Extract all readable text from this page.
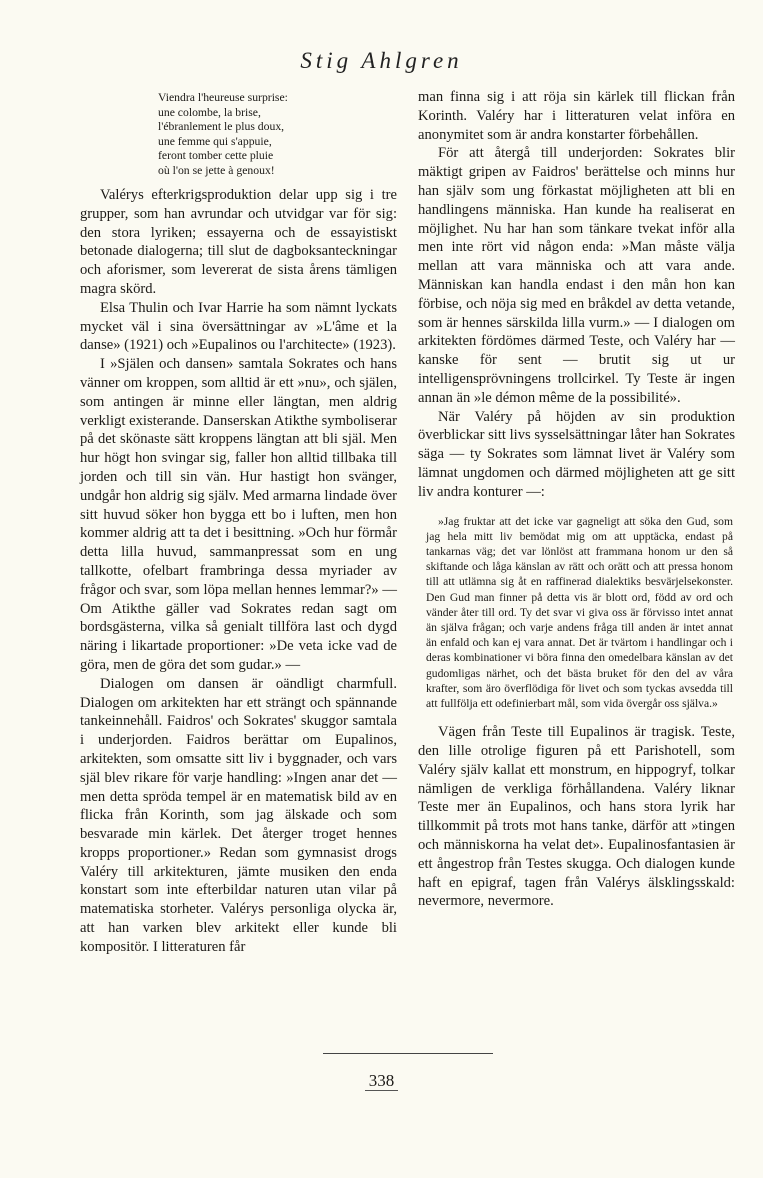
Stig Ahlgren
Viendra l'heureuse surprise:
une colombe, la brise,
l'ébranlement le plus doux,
une femme qui s'appuie,
feront tomber cette pluie
où l'on se jette à genoux!

Valérys efterkrigsproduktion delar upp sig i tre grupper, som han avrundar och utvidgar var för sig: den stora lyriken; essayerna och de essayistiskt betonade dialogerna; till slut de dagboksanteckningar och aforismer, som levererat de sista årens tämligen magra skörd.

Elsa Thulin och Ivar Harrie ha som nämnt lyckats mycket väl i sina översättningar av »L'âme et la danse» (1921) och »Eupalinos ou l'architecte» (1923).

I »Själen och dansen» samtala Sokrates och hans vänner om kroppen, som alltid är ett »nu», och själen, som antingen är minne eller längtan, men aldrig verkligt existerande. Danserskan Atikthe symboliserar på det skönaste sätt kroppens längtan att bli själ. Men hur högt hon svingar sig, faller hon alltid tillbaka till jorden och till sin vän. Hur hastigt hon svänger, undgår hon aldrig sig själv. Med armarna lindade över sitt huvud söker hon bygga ett bo i luften, men hon kommer aldrig att ta det i besittning. »Och hur förmår detta lilla huvud, sammanpressat som en ung tallkotte, ofelbart frambringa dessa myriader av frågor och svar, som löpa mellan hennes lemmar?» — Om Atikthe gäller vad Sokrates redan sagt om bordsgästerna, vilka så genialt tillföra last och dygd näring i likartade proportioner: »De veta icke vad de göra, men de göra det som gudar.» —

Dialogen om dansen är oändligt charmfull. Dialogen om arkitekten har ett strängt och spännande tankeinnehåll. Faidros' och Sokrates' skuggor samtala i underjorden. Faidros berättar om Eupalinos, arkitekten, som omsatte sitt liv i byggnader, och vars själ blev rikare för varje handling: »Ingen anar det — men detta spröda tempel är en matematisk bild av en flicka från Korinth, som jag älskade och som besvarade min kärlek. Det återger troget hennes kropps proportioner.» Redan som gymnasist drogs Valéry till arkitekturen, jämte musiken den enda konstart som inte efterbildar naturen utan vilar på matematiska storheter. Valérys personliga olycka är, att han varken blev arkitekt eller kunde bli kompositör. I litteraturen får

man finna sig i att röja sin kärlek till flickan från Korinth. Valéry har i litteraturen velat införa en anonymitet som är andra konstarter förbehållen.

För att återgå till underjorden: Sokrates blir mäktigt gripen av Faidros' berättelse och minns hur han själv som ung förkastat möjligheten att bli en handlingens människa. Han kunde ha realiserat en möjlighet. Nu har han som tänkare tvekat inför alla men inte rört vid någon enda: »Man måste välja mellan att vara människa och att vara ande. Människan kan handla endast i den mån hon kan förbise, och nöja sig med en bråkdel av detta vetande, som är hennes särskilda lilla vurm.» — I dialogen om arkitekten fördömes därmed Teste, och Valéry har — kanske för sent — brutit sig ut ur intelligensprövningens trollcirkel. Ty Teste är ingen annan än »le démon même de la possibilité».

När Valéry på höjden av sin produktion överblickar sitt livs sysselsättningar låter han Sokrates säga — ty Sokrates som lämnat livet är Valéry som lämnat ungdomen och därmed möjligheten att ge sitt liv andra konturer —:

»Jag fruktar att det icke var gagneligt att söka den Gud, som jag hela mitt liv bemödat mig om att upptäcka, endast på tankarnas väg; det var lönlöst att frammana honom ur den så skiftande och låga känslan av rätt och orätt och att pressa honom till att utlämna sig åt en raffinerad dialektiks besvärjelsekonster. Den Gud man finner på detta vis är blott ord, född av ord och vänder åter till ord. Ty det svar vi giva oss är förvisso intet annat än själva frågan; och varje andens fråga till anden är intet annat än enfald och kan ej vara annat. Det är tvärtom i handlingar och i deras kombinationer vi böra finna den omedelbara känslan av det gudomligas närhet, och det bästa bruket för den del av våra krafter, som äro överflödiga för livet och som tyckas avsedda till att fullfölja ett odefinierbart mål, som vida övergår oss själva.»

Vägen från Teste till Eupalinos är tragisk. Teste, den lille otrolige figuren på ett Parishotell, som Valéry själv kallat ett monstrum, en hippogryf, tolkar nämligen de verkliga förhållandena. Valéry liknar Teste mer än Eupalinos, och hans stora lyrik har tillkommit på trots mot hans tanke, därför att »tingen och människorna ha velat det». Eupalinosfantasien är ett ångestrop från Testes skugga. Och dialogen kunde haft en epigraf, tagen från Valérys älsklingsskald: nevermore, nevermore.

338
